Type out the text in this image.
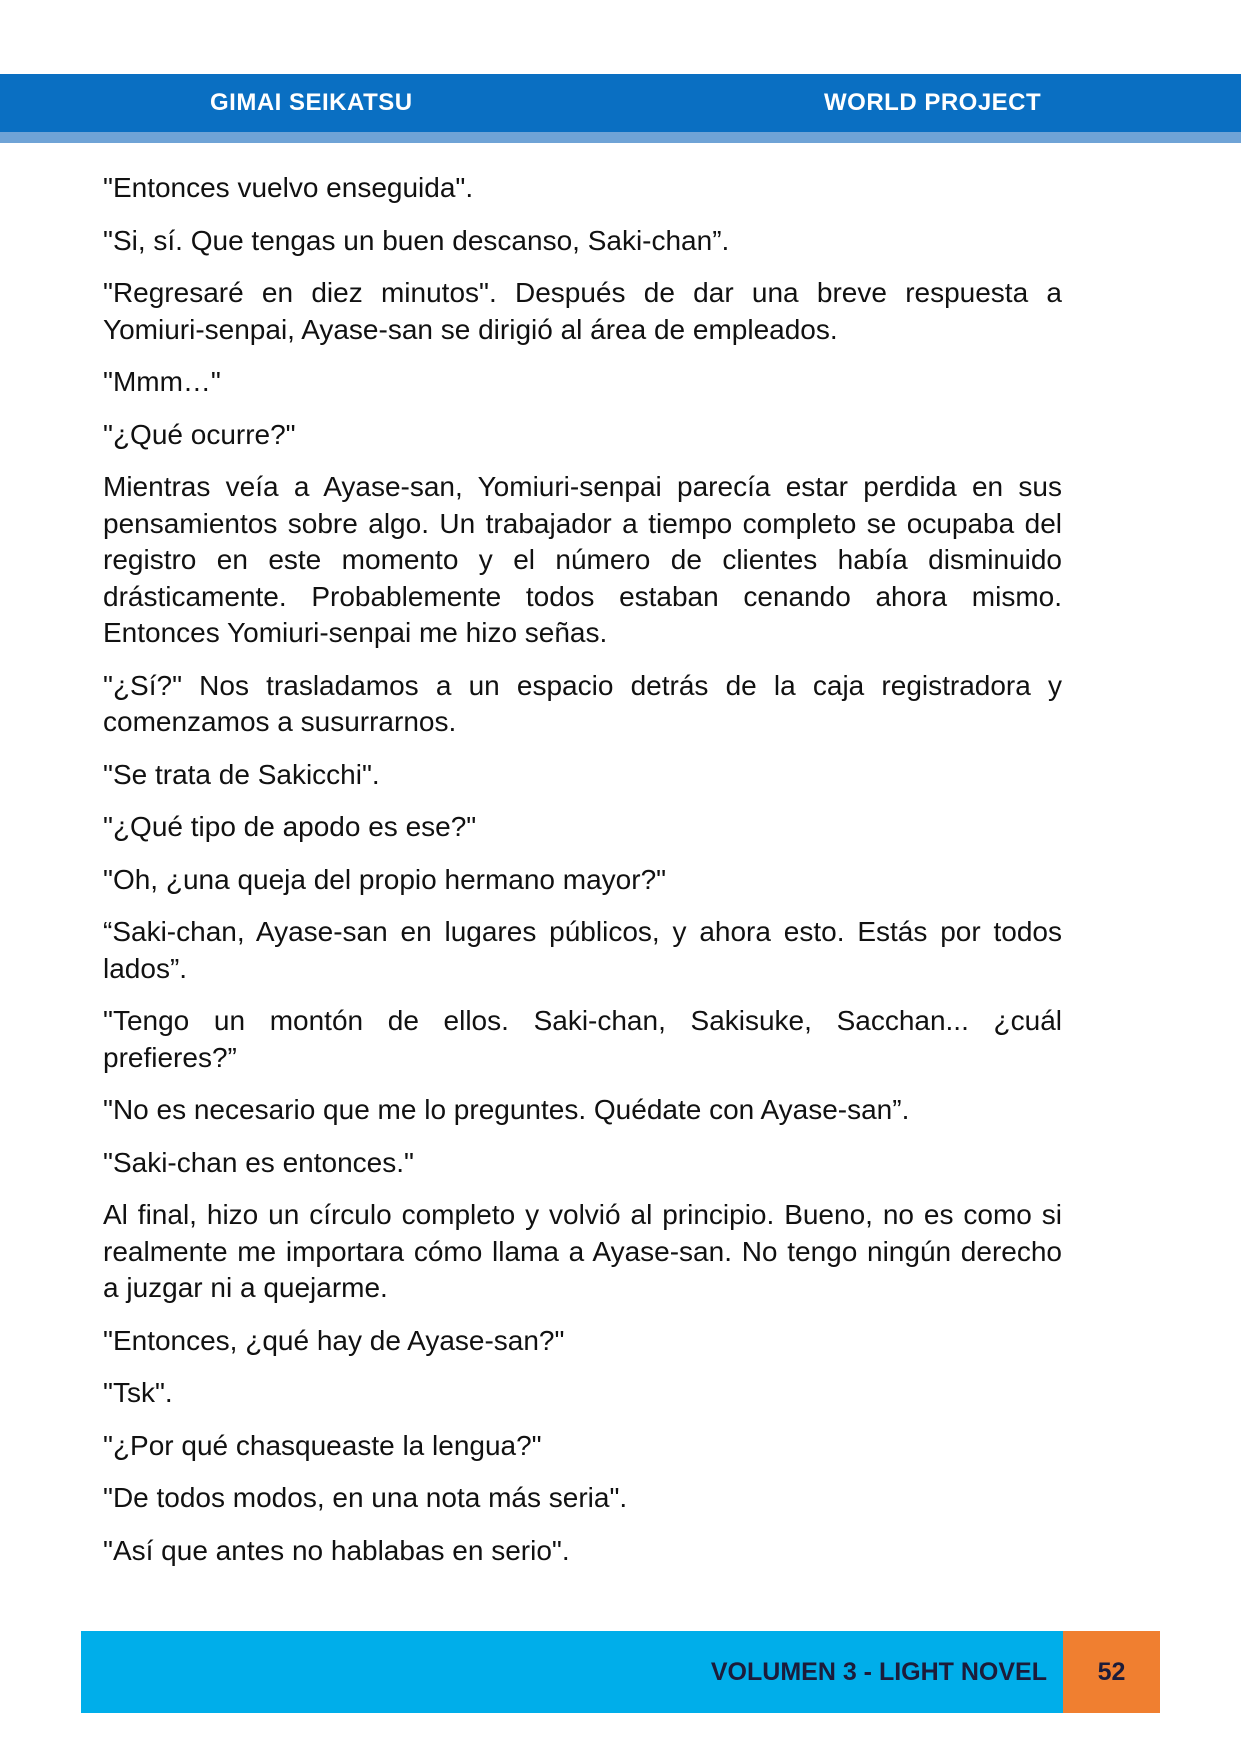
GIMAI SEIKATSU	WORLD PROJECT

"Entonces vuelvo enseguida".

"Si, sí. Que tengas un buen descanso, Saki-chan”.

"Regresaré en diez minutos". Después de dar una breve respuesta a Yomiuri-senpai, Ayase-san se dirigió al área de empleados.

"Mmm…"

"¿Qué ocurre?"

Mientras veía a Ayase-san, Yomiuri-senpai parecía estar perdida en sus pensamientos sobre algo. Un trabajador a tiempo completo se ocupaba del registro en este momento y el número de clientes había disminuido drásticamente. Probablemente todos estaban cenando ahora mismo. Entonces Yomiuri-senpai me hizo señas.

"¿Sí?" Nos trasladamos a un espacio detrás de la caja registradora y comenzamos a susurrarnos.

"Se trata de Sakicchi".

"¿Qué tipo de apodo es ese?"

"Oh, ¿una queja del propio hermano mayor?"

“Saki-chan, Ayase-san en lugares públicos, y ahora esto. Estás por todos lados”.

"Tengo un montón de ellos. Saki-chan, Sakisuke, Sacchan... ¿cuál prefieres?”

"No es necesario que me lo preguntes. Quédate con Ayase-san”.

"Saki-chan es entonces."

Al final, hizo un círculo completo y volvió al principio. Bueno, no es como si realmente me importara cómo llama a Ayase-san. No tengo ningún derecho a juzgar ni a quejarme.

"Entonces, ¿qué hay de Ayase-san?"

"Tsk".

"¿Por qué chasqueaste la lengua?"

"De todos modos, en una nota más seria".

"Así que antes no hablabas en serio".

VOLUMEN 3 - LIGHT NOVEL	52
